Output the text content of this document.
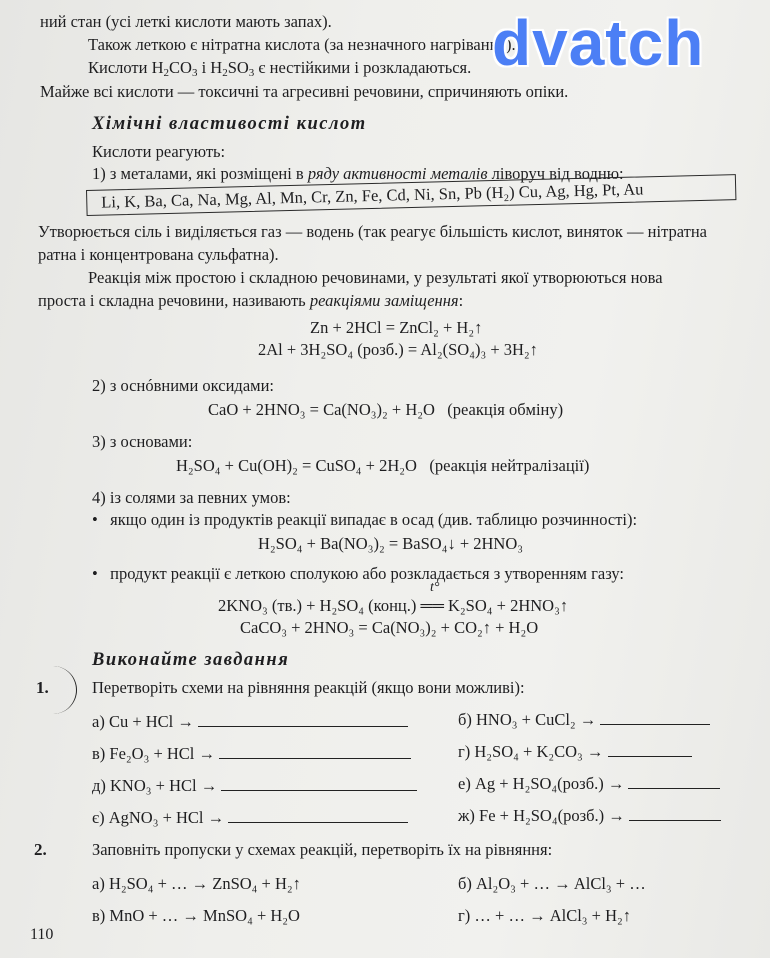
ний стан (усі леткі кислоти мають запах).
Також леткою є нітратна кислота (за незначного нагрівання).
Кислоти $H_2CO_3$ і $H_2SO_3$ є нестійкими і розкладаються.
Майже всі кислоти — токсичні та агресивні речовини, спричиняють опіки.
dvatch
Хімічні властивості кислот
Кислоти реагують:
1) з металами, які розміщені в ряду активності металів ліворуч від водню:
Li, K, Ba, Ca, Na, Mg, Al, Mn, Cr, Zn, Fe, Cd, Ni, Sn, Pb (H₂) Cu, Ag, Hg, Pt, Au
Утворюється сіль і виділяється газ — водень (так реагує більшість кислот, виняток — нітратна
ратна і концентрована сульфатна).
Реакція між простою і складною речовинами, у результаті якої утворюються нова
проста і складна речовини, називають реакціями заміщення:
Zn + 2HCl = ZnCl₂ + H₂↑
2Al + 3H₂SO₄ (розб.) = Al₂(SO₄)₃ + 3H₂↑
2) з оснóвними оксидами:
CaO + 2HNO₃ = Ca(NO₃)₂ + H₂O (реакція обміну)
3) з основами:
H₂SO₄ + Cu(OH)₂ = CuSO₄ + 2H₂O (реакція нейтралізації)
4) із солями за певних умов:
•   якщо один із продуктів реакції випадає в осад (див. таблицю розчинності):
H₂SO₄ + Ba(NO₃)₂ = BaSO₄↓ + 2HNO₃
•   продукт реакції є леткою сполукою або розкладається з утворенням газу:
t°
2KNO₃ (тв.) + H₂SO₄ (конц.) ══ K₂SO₄ + 2HNO₃↑
CaCO₃ + 2HNO₃ = Ca(NO₃)₂ + CO₂↑ + H₂O
Виконайте завдання
1.	Перетворіть схеми на рівняння реакцій (якщо вони можливі):
а) Cu + HCl →	б) HNO₃ + CuCl₂ →
в) Fe₂O₃ + HCl →	г) H₂SO₄ + K₂CO₃ →
д) KNO₃ + HCl →	е) Ag + H₂SO₄(розб.) →
є) AgNO₃ + HCl →	ж) Fe + H₂SO₄(розб.) →
2.	Заповніть пропуски у схемах реакцій, перетворіть їх на рівняння:
а) H₂SO₄ + … → ZnSO₄ + H₂↑	б) Al₂O₃ + … → AlCl₃ + …
в) MnO + … → MnSO₄ + H₂O	г) … + … → AlCl₃ + H₂↑
110
